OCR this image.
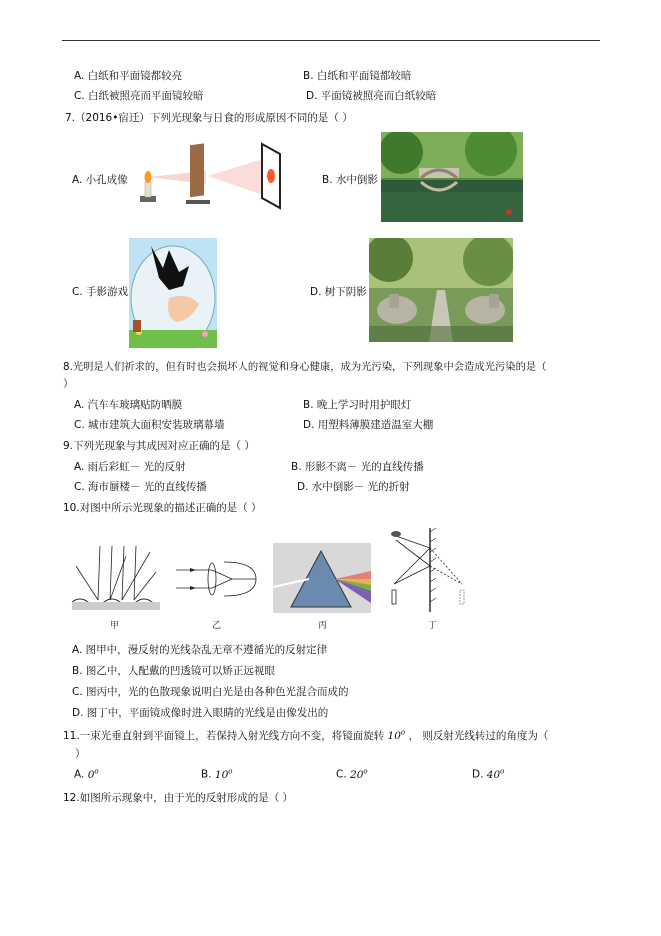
A. 白纸和平面镜都较亮	B. 白纸和平面镜都较暗
C. 白纸被照亮而平面镜较暗	D. 平面镜被照亮而白纸较暗
7.（2016•宿迁）下列光现象与日食的形成原因不同的是（ ）
A. 小孔成像	B. 水中倒影
C. 手影游戏	D. 树下阴影
8.光明是人们祈求的，但有时也会损坏人的视觉和身心健康，成为光污染，下列现象中会造成光污染的是（
）
A. 汽车车玻璃贴防晒膜	B. 晚上学习时用护眼灯
C. 城市建筑大面积安装玻璃幕墙	D. 用塑料薄膜建造温室大棚
9.下列光现象与其成因对应正确的是（ ）
A. 雨后彩虹－ 光的反射	B. 形影不离－ 光的直线传播
C. 海市蜃楼－ 光的直线传播	D. 水中倒影－ 光的折射
10.对图中所示光现象的描述正确的是（ ）
甲	乙	丙	丁
A. 图甲中，漫反射的光线杂乱无章不遵循光的反射定律
B. 图乙中，人配戴的凹透镜可以矫正远视眼
C. 图丙中，光的色散现象说明白光是由各种色光混合而成的
D. 图丁中，平面镜成像时进入眼睛的光线是由像发出的
11.一束光垂直射到平面镜上，若保持入射光线方向不变，将镜面旋转 10$^o$ ， 则反射光线转过的角度为（
）
A. 0$^o$	B. 10$^o$	C. 20$^o$	D. 40$^o$
12.如图所示现象中，由于光的反射形成的是（ ）
